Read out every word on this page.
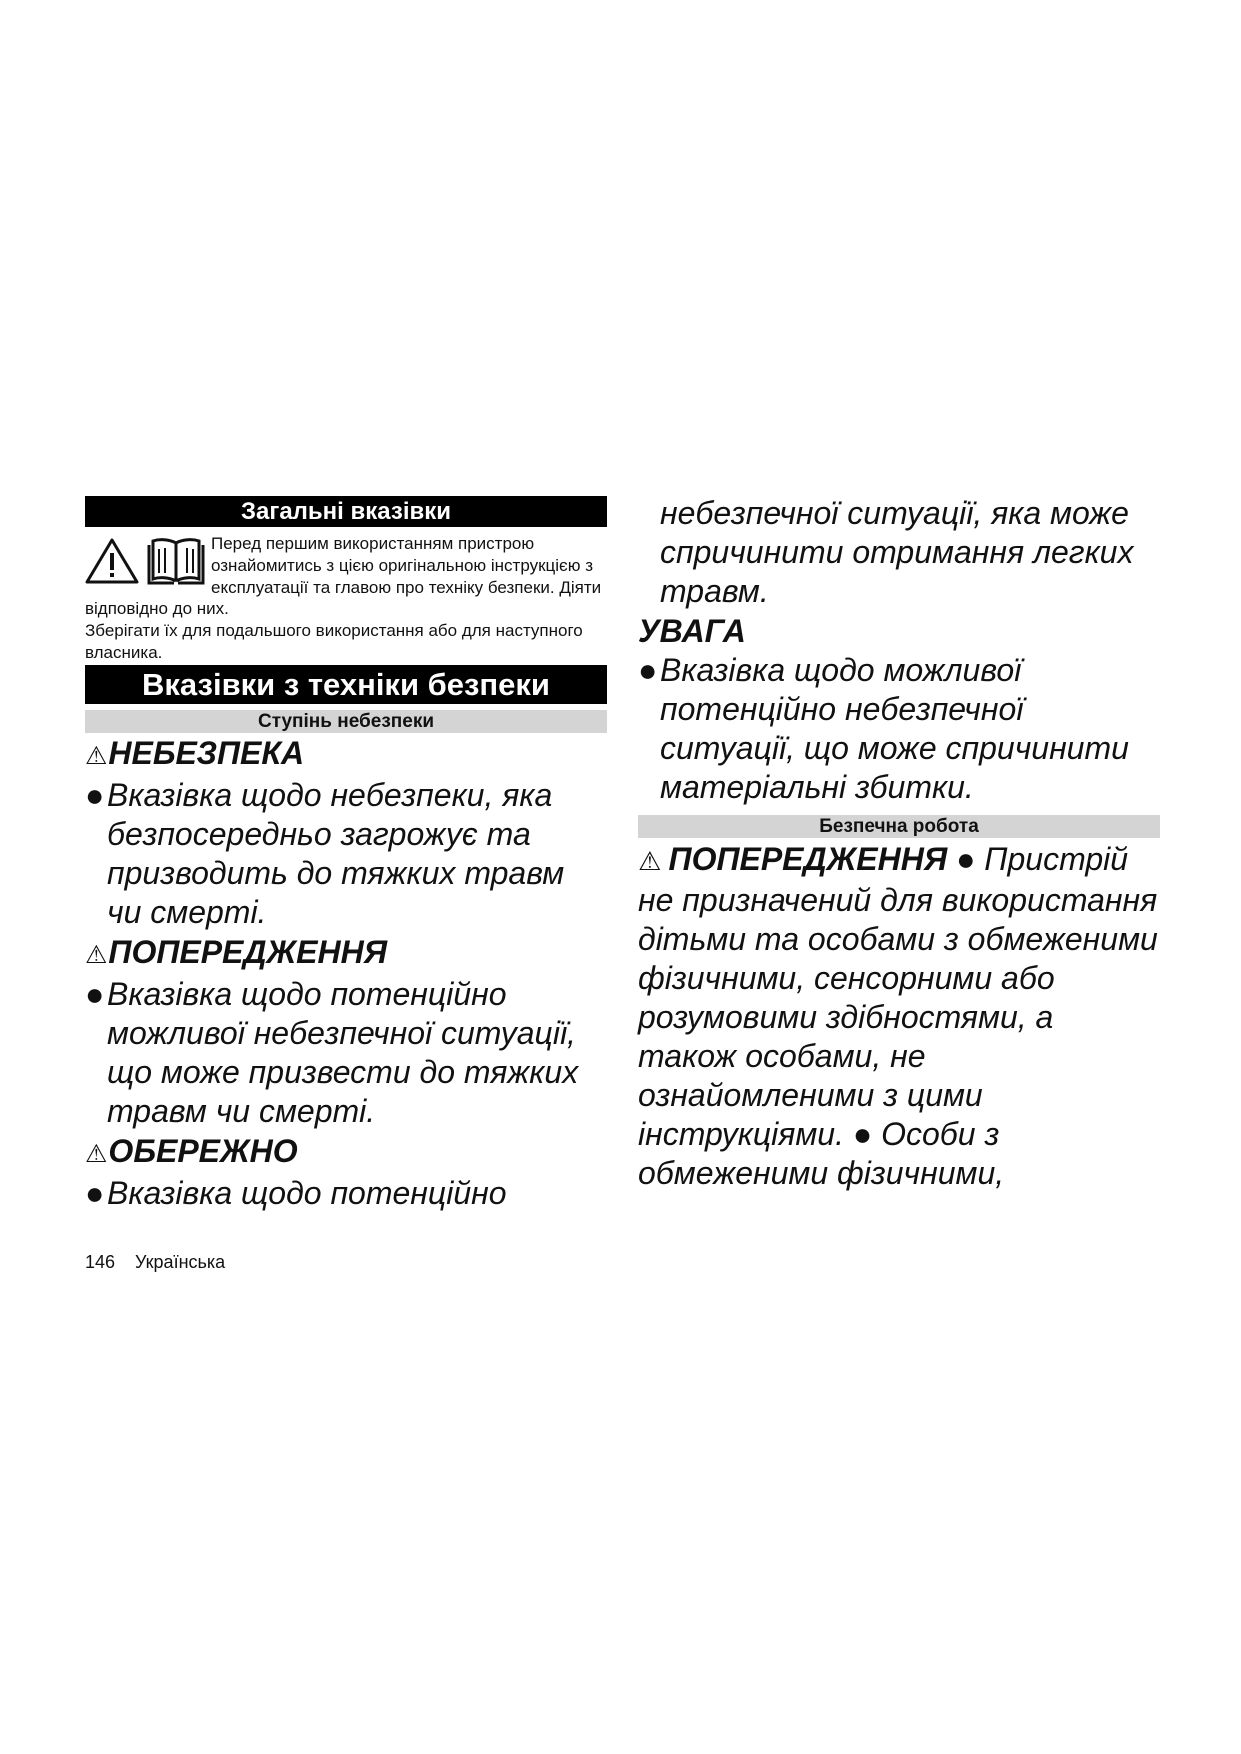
Загальні вказівки

Перед першим використанням пристрою ознайомитись з цією оригінальною інструкцією з експлуатації та главою про техніку безпеки. Діяти відповідно до них.
Зберігати їх для подальшого використання або для наступного власника.

Вказівки з техніки безпеки
Ступінь небезпеки

⚠НЕБЕЗПЕКА

●Вказівка щодо небезпеки, яка безпосередньо загрожує та призводить до тяжких травм чи смерті.

⚠ПОПЕРЕДЖЕННЯ

●Вказівка щодо потенційно можливої небезпечної ситуації, що може призвести до тяжких травм чи смерті.

⚠ОБЕРЕЖНО

●Вказівка щодо потенційно

небезпечної ситуації, яка може спричинити отримання легких травм.

УВАГА

●Вказівка щодо можливої потенційно небезпечної ситуації, що може спричинити матеріальні збитки.

Безпечна робота

⚠ ПОПЕРЕДЖЕННЯ ● Пристрій не призначений для використання дітьми та особами з обмеженими фізичними, сенсорними або розумовими здібностями, а також особами, не ознайомленими з цими інструкціями. ● Особи з обмеженими фізичними,

146 Українська
